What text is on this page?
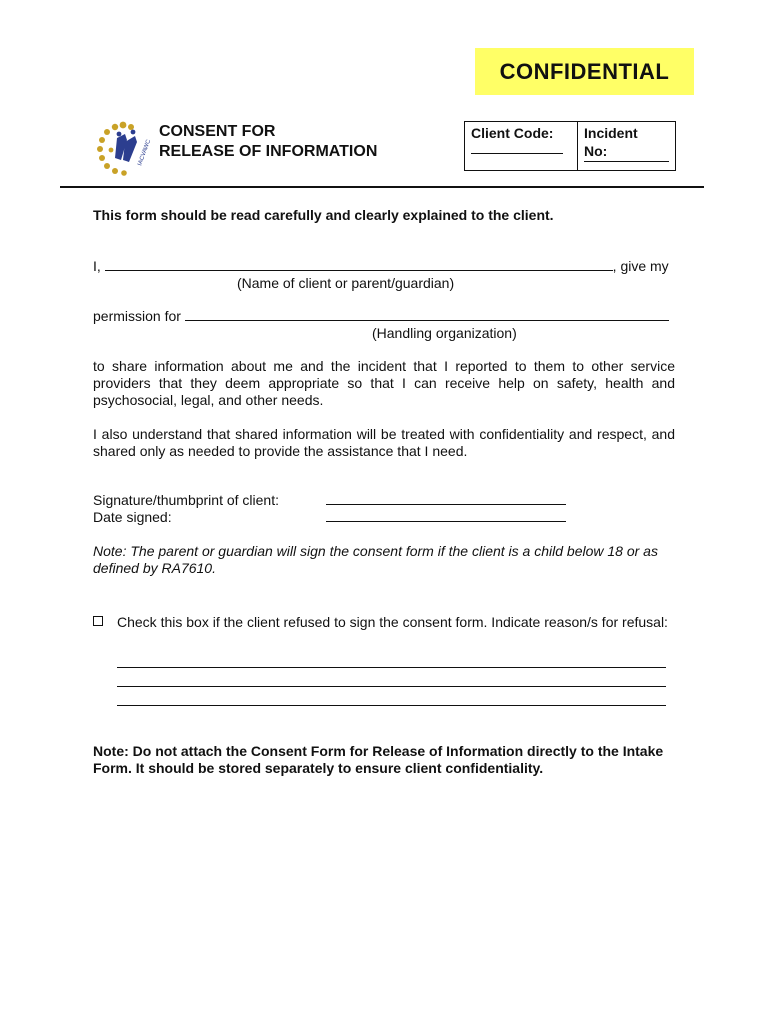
CONFIDENTIAL
IACVAWC
CONSENT FOR
RELEASE OF INFORMATION
Client Code:	Incident
No:
This form should be read carefully and clearly explained to the client.
I,	, give my
(Name of client or parent/guardian)
permission for
(Handling organization)
to share information about me and the incident that I reported to them to other service providers that they deem appropriate so that I can receive help on safety, health and psychosocial, legal, and other needs.
I also understand that shared information will be treated with confidentiality and respect, and shared only as needed to provide the assistance that I need.
Signature/thumbprint of client:
Date signed:
Note: The parent or guardian will sign the consent form if the client is a child below 18 or as defined by RA7610.
Check this box if the client refused to sign the consent form. Indicate reason/s for refusal:
Note: Do not attach the Consent Form for Release of Information directly to the Intake Form. It should be stored separately to ensure client confidentiality.
